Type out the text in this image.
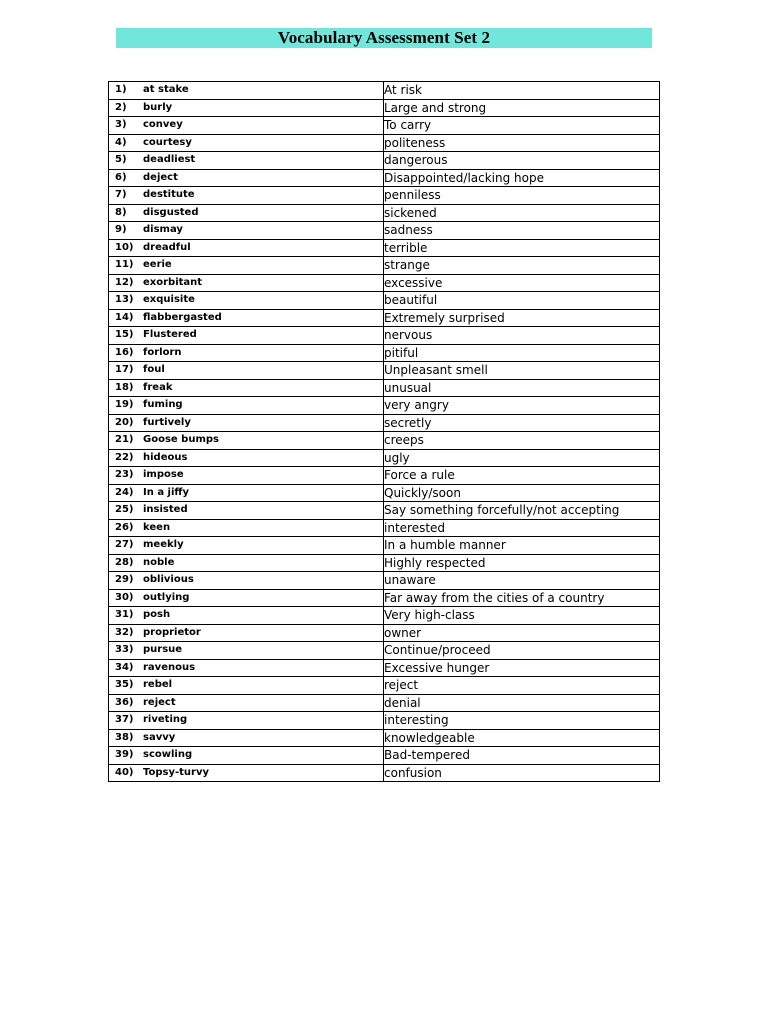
Vocabulary Assessment Set 2
1) at stake	At risk
2) burly	Large and strong
3) convey	To carry
4) courtesy	politeness
5) deadliest	dangerous
6) deject	Disappointed/lacking hope
7) destitute	penniless
8) disgusted	sickened
9) dismay	sadness
10) dreadful	terrible
11) eerie	strange
12) exorbitant	excessive
13) exquisite	beautiful
14) flabbergasted	Extremely surprised
15) Flustered	nervous
16) forlorn	pitiful
17) foul	Unpleasant smell
18) freak	unusual
19) fuming	very angry
20) furtively	secretly
21) Goose bumps	creeps
22) hideous	ugly
23) impose	Force a rule
24) In a jiffy	Quickly/soon
25) insisted	Say something forcefully/not accepting
26) keen	interested
27) meekly	In a humble manner
28) noble	Highly respected
29) oblivious	unaware
30) outlying	Far away from the cities of a country
31) posh	Very high-class
32) proprietor	owner
33) pursue	Continue/proceed
34) ravenous	Excessive hunger
35) rebel	reject
36) reject	denial
37) riveting	interesting
38) savvy	knowledgeable
39) scowling	Bad-tempered
40) Topsy-turvy	confusion
